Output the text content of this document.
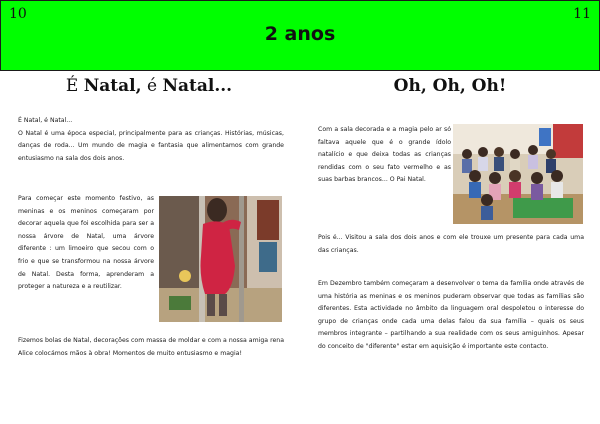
10	11
2 anos
É Natal, é Natal...
É Natal, é Natal...
O Natal é uma época especial, principalmente para as crianças. Histórias, músicas, danças de roda... Um mundo de magia e fantasia que alimentamos com grande entusiasmo na sala dos dois anos.
Para começar este momento festivo, as meninas e os meninos começaram por decorar aquela que foi escolhida para ser a nossa árvore de Natal, uma árvore diferente : um limoeiro que secou com o frio e que se transformou na nossa árvore de Natal. Desta forma, aprenderam a proteger a natureza e a reutilizar.
Fizemos bolas de Natal, decorações com massa de moldar e com a nossa amiga rena Alice colocámos mãos à obra! Momentos de muito entusiasmo e magia!
Oh, Oh, Oh!
Com a sala decorada e a magia pelo ar só faltava aquele que é o grande ídolo natalício e que deixa todas as crianças rendidas com o seu fato vermelho e as suas barbas brancos... O Pai Natal.
Pois é... Visitou a sala dos dois anos e com ele trouxe um presente para cada uma das crianças.
Em Dezembro também começaram a desenvolver o tema da família onde através de uma história as meninas e os meninos puderam observar que todas as famílias são diferentes. Esta actividade no âmbito da linguagem oral despoletou o interesse do grupo de crianças onde cada uma delas falou da sua família – quais os seus membros integrante – partilhando a sua realidade com os seus amiguinhos. Apesar do conceito de "diferente" estar em aquisição é importante este contacto.
